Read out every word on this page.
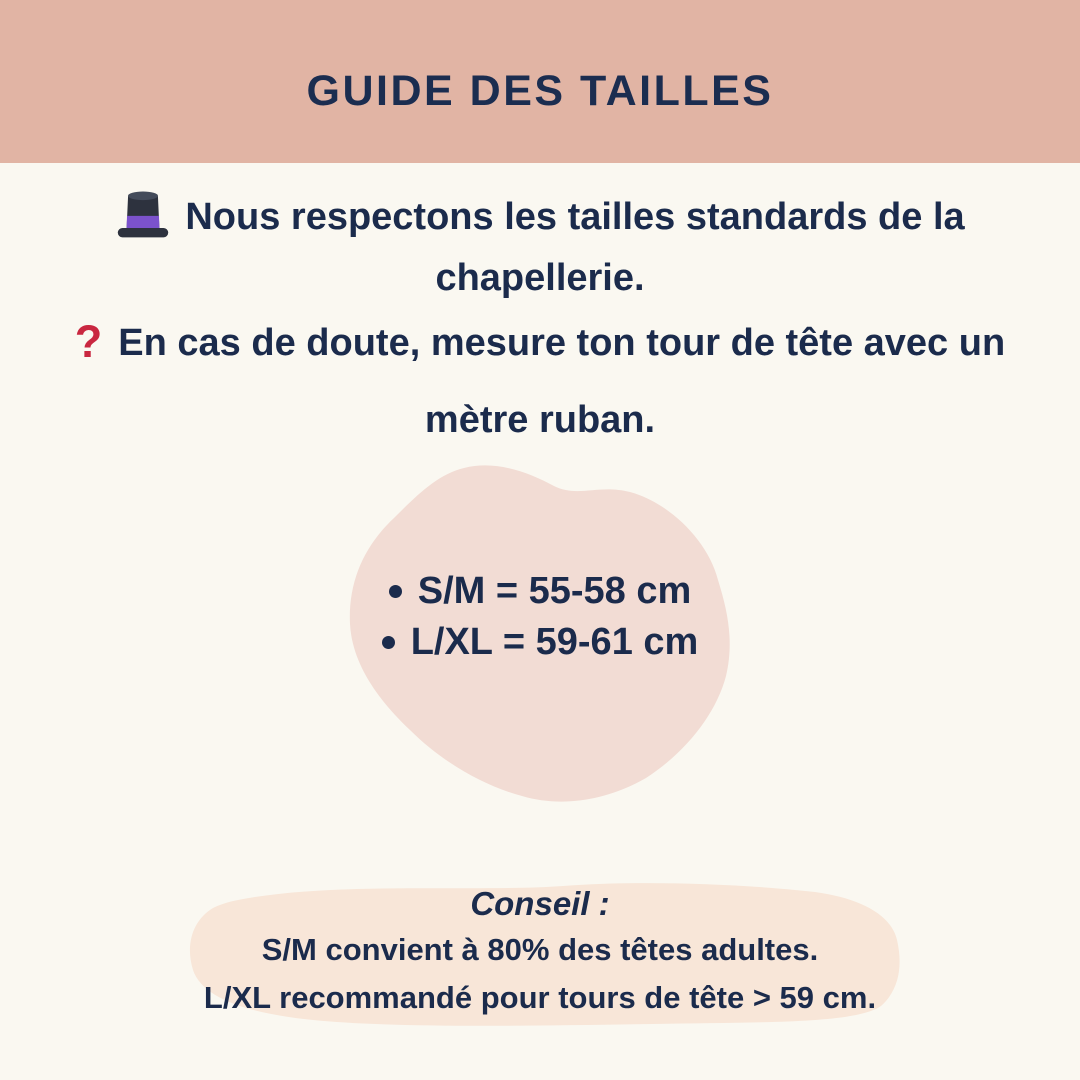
GUIDE DES TAILLES
Nous respectons les tailles standards de la
chapellerie.
? En cas de doute, mesure ton tour de tête avec un
mètre ruban.
S/M = 55-58 cm
L/XL = 59-61 cm
Conseil :
S/M convient à 80% des têtes adultes.
L/XL recommandé pour tours de tête > 59 cm.
